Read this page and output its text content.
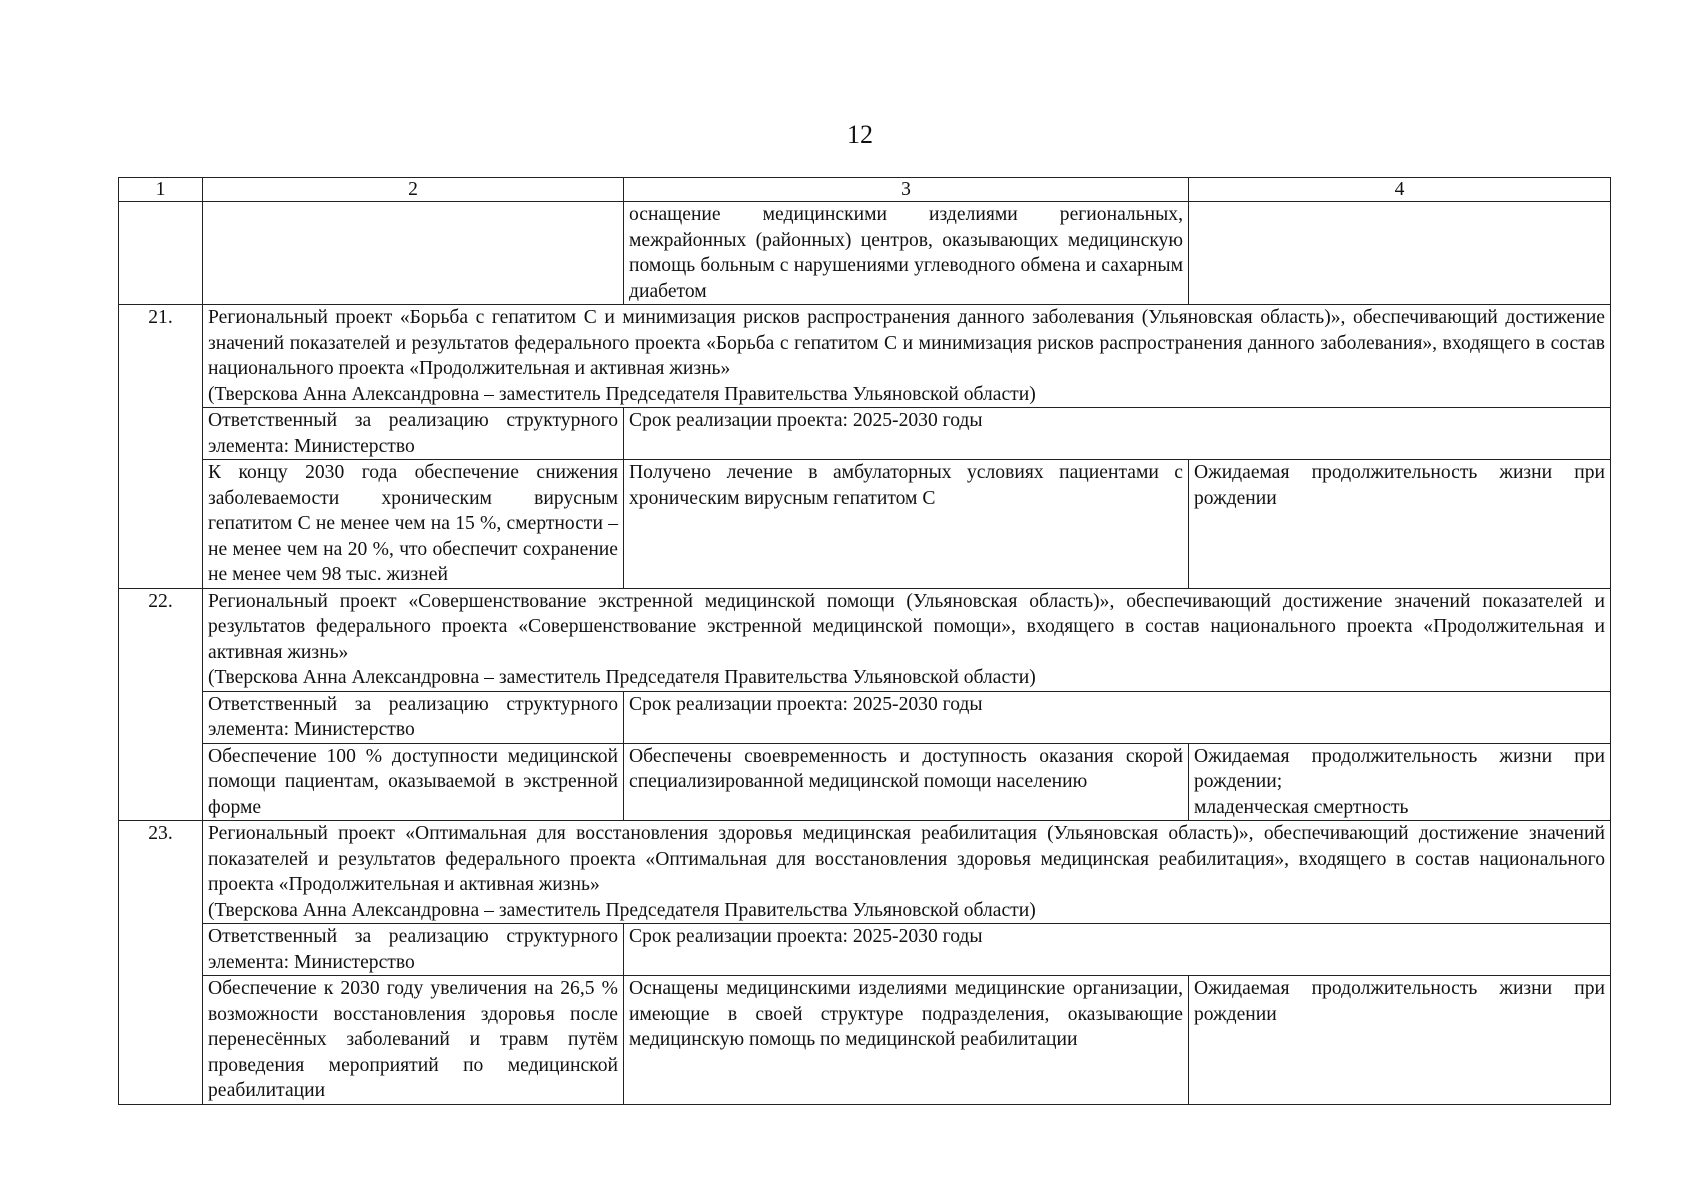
12
1	2	3	4
		оснащение медицинскими изделиями региональных, межрайонных (районных) центров, оказывающих медицинскую помощь больным с нарушениями углеводного обмена и сахарным диабетом	
21.	Региональный проект «Борьба с гепатитом С и минимизация рисков распространения данного заболевания (Ульяновская область)», обеспечивающий достижение значений показателей и результатов федерального проекта «Борьба с гепатитом С и минимизация рисков распространения данного заболевания», входящего в состав национального проекта «Продолжительная и активная жизнь»
(Тверскова Анна Александровна – заместитель Председателя Правительства Ульяновской области)		

	Ответственный за реализацию структурного элемента: Министерство	Срок реализации проекта: 2025-2030 годы	
	К концу 2030 года обеспечение снижения заболеваемости хроническим вирусным гепатитом С не менее чем на 15 %, смертности – не менее чем на 20 %, что обеспечит сохранение не менее чем 98 тыс. жизней	Получено лечение в амбулаторных условиях пациентами с хроническим вирусным гепатитом С	Ожидаемая продолжительность жизни при рождении
22.	Региональный проект «Совершенствование экстренной медицинской помощи (Ульяновская область)», обеспечивающий достижение значений показателей и результатов федерального проекта «Совершенствование экстренной медицинской помощи», входящего в состав национального проекта «Продолжительная и активная жизнь»
(Тверскова Анна Александровна – заместитель Председателя Правительства Ульяновской области)		

	Ответственный за реализацию структурного элемента: Министерство	Срок реализации проекта: 2025-2030 годы	
	Обеспечение 100 % доступности медицинской помощи пациентам, оказываемой в экстренной форме	Обеспечены своевременность и доступность оказания скорой специализированной медицинской помощи населению	Ожидаемая продолжительность жизни при рождении;
младенческая смертность

23.	Региональный проект «Оптимальная для восстановления здоровья медицинская реабилитация (Ульяновская область)», обеспечивающий достижение значений показателей и результатов федерального проекта «Оптимальная для восстановления здоровья медицинская реабилитация», входящего в состав национального проекта «Продолжительная и активная жизнь»
(Тверскова Анна Александровна – заместитель Председателя Правительства Ульяновской области)		

	Ответственный за реализацию структурного элемента: Министерство	Срок реализации проекта: 2025-2030 годы	
	Обеспечение к 2030 году увеличения на 26,5 % возможности восстановления здоровья после перенесённых заболеваний и травм путём проведения мероприятий по медицинской реабилитации	Оснащены медицинскими изделиями медицинские организации, имеющие в своей структуре подразделения, оказывающие медицинскую помощь по медицинской реабилитации	Ожидаемая продолжительность жизни при рождении
